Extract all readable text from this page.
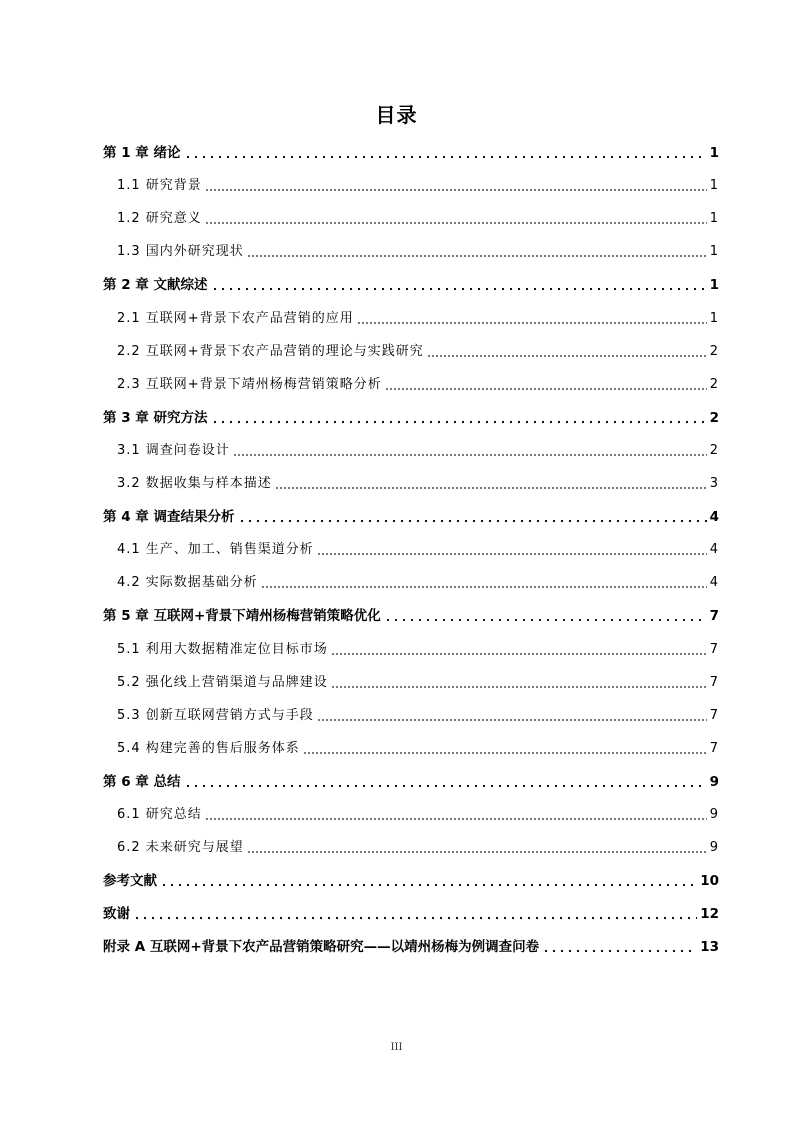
目录
第 1 章 绪论	1
1.1 研究背景	1
1.2 研究意义	1
1.3 国内外研究现状	1
第 2 章 文献综述	1
2.1 互联网+背景下农产品营销的应用	1
2.2 互联网+背景下农产品营销的理论与实践研究	2
2.3 互联网+背景下靖州杨梅营销策略分析	2
第 3 章 研究方法	2
3.1 调查问卷设计	2
3.2 数据收集与样本描述	3
第 4 章 调查结果分析	4
4.1 生产、加工、销售渠道分析	4
4.2 实际数据基础分析	4
第 5 章 互联网+背景下靖州杨梅营销策略优化	7
5.1 利用大数据精准定位目标市场	7
5.2 强化线上营销渠道与品牌建设	7
5.3 创新互联网营销方式与手段	7
5.4 构建完善的售后服务体系	7
第 6 章 总结	9
6.1 研究总结	9
6.2 未来研究与展望	9
参考文献	10
致谢	12
附录 A 互联网+背景下农产品营销策略研究——以靖州杨梅为例调查问卷	13
III
